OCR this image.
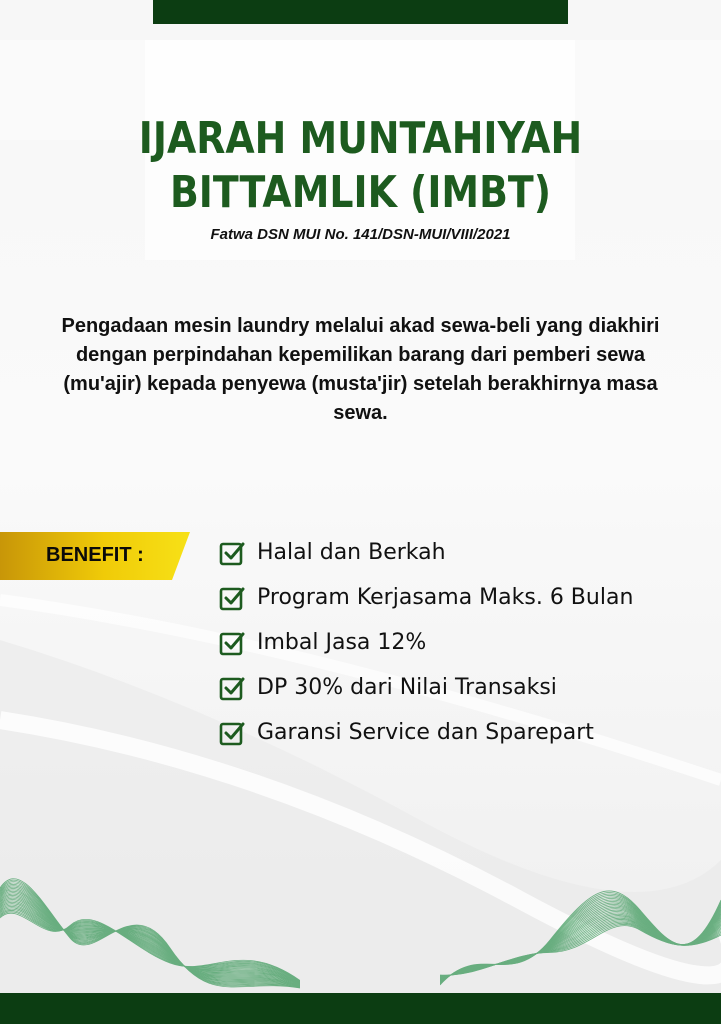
IJARAH MUNTAHIYAH
BITTAMLIK (IMBT)
Fatwa DSN MUI No. 141/DSN-MUI/VIII/2021
Pengadaan mesin laundry melalui akad sewa-beli yang diakhiri dengan perpindahan kepemilikan barang dari pemberi sewa (mu'ajir) kepada penyewa (musta'jir) setelah berakhirnya masa sewa.
BENEFIT :	Halal dan Berkah
Program Kerjasama Maks. 6 Bulan
Imbal Jasa 12%
DP 30% dari Nilai Transaksi
Garansi Service dan Sparepart
